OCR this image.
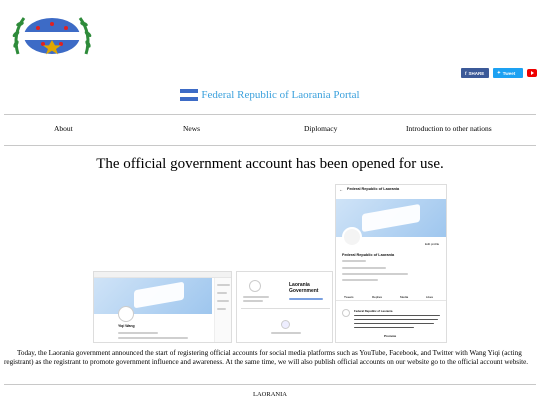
f SHARE	✦ Tweet
Federal Republic of Laorania Portal
About	News	Diplomacy	Introduction to other nations
The official government account has been opened for use.
Yiqi Wang
Laorania Government
← Federal Republic of Laorania
Edit profile
Federal Republic of Laorania
Tweets	Replies	Media	Likes
Federal Republic of Laorania
Promote

Today, the Laorania government announced the start of registering official accounts for social media platforms such as YouTube, Facebook, and Twitter with Wang Yiqi (acting registrant) as the registrant to promote government influence and awareness. At the same time, we will also publish official accounts on our website go to the official account website.

LAORANIA
